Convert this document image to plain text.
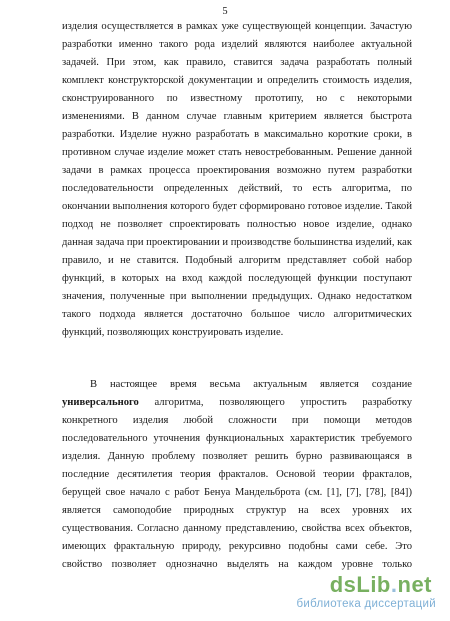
5
изделия осуществляется в рамках уже существующей концепции. Зачастую
разработки именно такого рода изделий являются наиболее актуальной
задачей. При этом, как правило, ставится задача разработать полный
комплект конструкторской документации и определить стоимость изделия,
сконструированного по известному прототипу, но с некоторыми
изменениями. В данном случае главным критерием является быстрота
разработки. Изделие нужно разработать в максимально короткие сроки, в
противном случае изделие может стать невостребованным. Решение данной
задачи в рамках процесса проектирования возможно путем разработки
последовательности определенных действий, то есть алгоритма, по
окончании выполнения которого будет сформировано готовое изделие. Такой
подход не позволяет спроектировать полностью новое изделие, однако
данная задача при проектировании и производстве большинства изделий, как
правило, и не ставится. Подобный алгоритм представляет собой набор
функций, в которых на вход каждой последующей функции поступают
значения, полученные при выполнении предыдущих. Однако недостатком
такого подхода является достаточно большое число алгоритмических
функций, позволяющих конструировать изделие.
В настоящее время весьма актуальным является создание
универсального алгоритма, позволяющего упростить разработку
конкретного изделия любой сложности при помощи методов
последовательного уточнения функциональных характеристик требуемого
изделия. Данную проблему позволяет решить бурно развивающаяся в
последние десятилетия теория фракталов. Основой теории фракталов,
берущей свое начало с работ Бенуа Мандельброта (см. [1], [7], [78], [84])
является самоподобие природных структур на всех уровнях их
существования. Согласно данному представлению, свойства всех объектов,
имеющих фрактальную природу, рекурсивно подобны сами себе. Это
свойство позволяет однозначно выделять на каждом уровне только
dsLib.net
библиотека диссертаций
